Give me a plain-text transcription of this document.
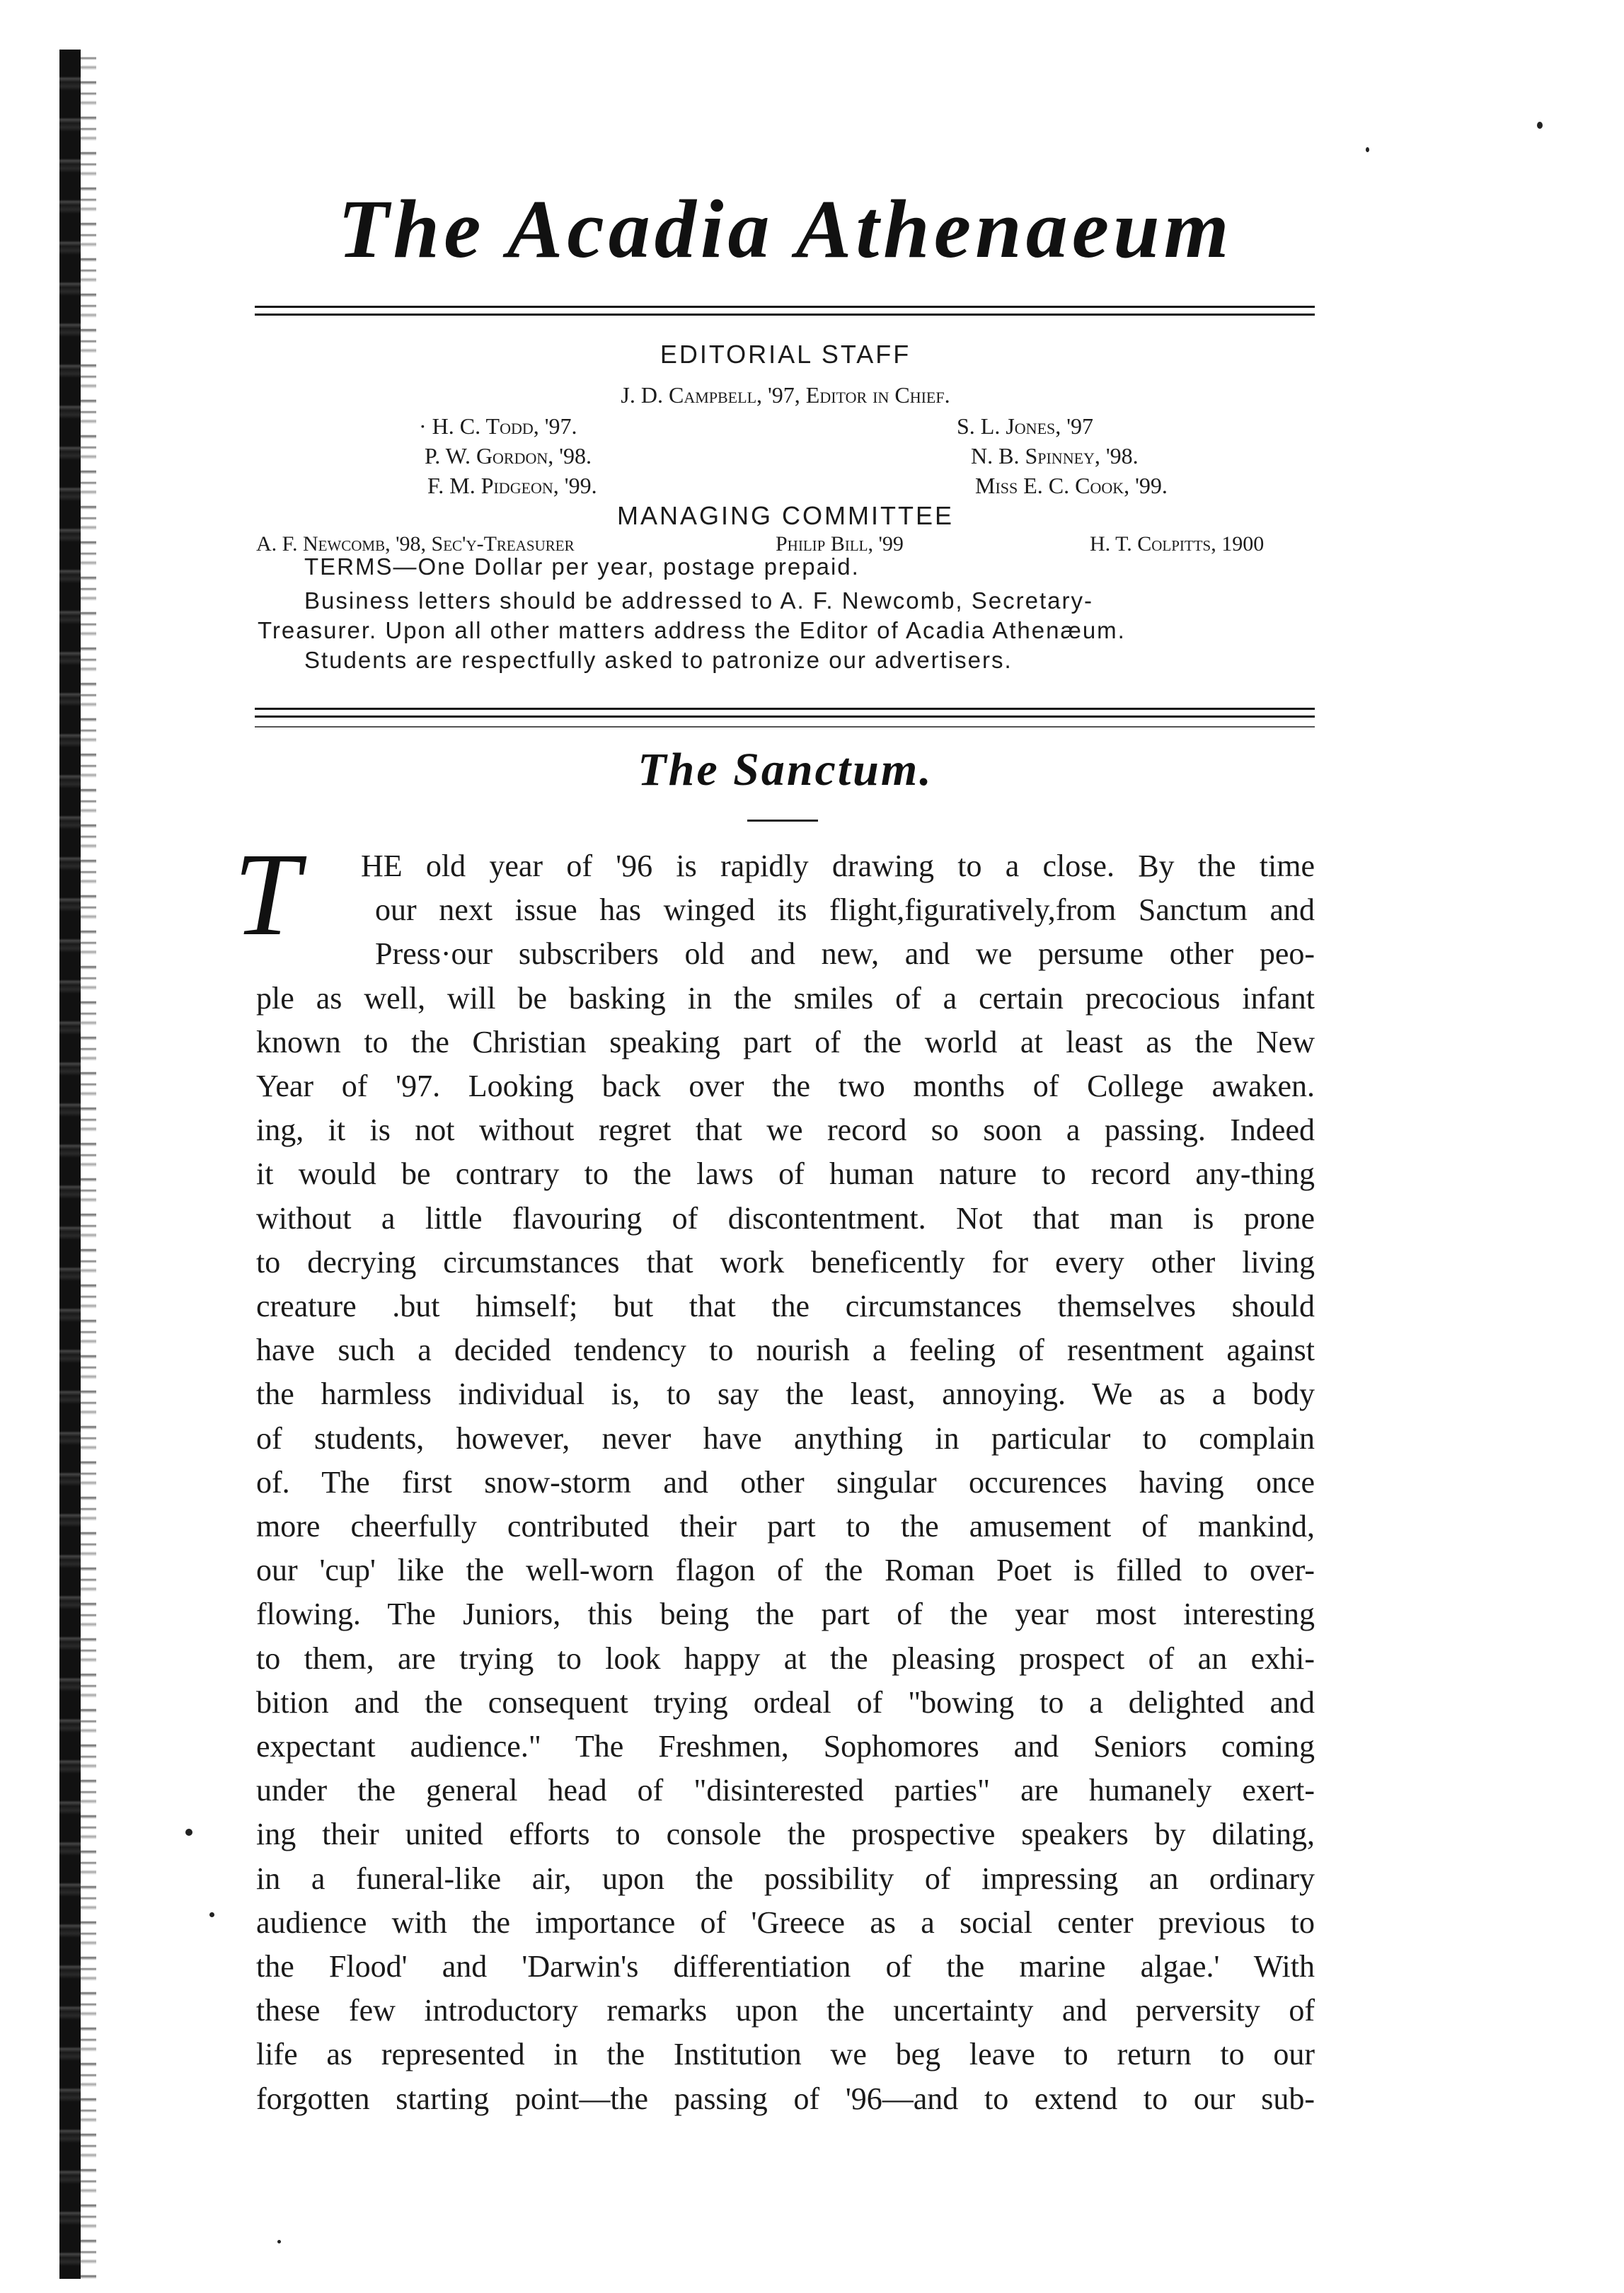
The Acadia Athenaeum
EDITORIAL STAFF
J. D. Campbell, '97, Editor in Chief.
· H. C. Todd, '97.	S. L. Jones, '97
P. W. Gordon, '98.	N. B. Spinney, '98.
F. M. Pidgeon, '99.	Miss E. C. Cook, '99.
MANAGING COMMITTEE
A. F. Newcomb, '98, Sec'y-Treasurer	Philip Bill, '99	H. T. Colpitts, 1900
TERMS—One Dollar per year, postage prepaid.
Business letters should be addressed to A. F. Newcomb, Secretary-
Treasurer. Upon all other matters address the Editor of Acadia Athenæum.
Students are respectfully asked to patronize our advertisers.
The Sanctum.
T	HE old year of '96 is rapidly drawing to a close. By the time
our next issue has winged its flight,figuratively,from Sanctum and
Press·our subscribers old and new, and we persume other peo-
ple as well, will be basking in the smiles of a certain precocious infant
known to the Christian speaking part of the world at least as the New
Year of '97. Looking back over the two months of College awaken.
ing, it is not without regret that we record so soon a passing. Indeed
it would be contrary to the laws of human nature to record any-thing
without a little flavouring of discontentment. Not that man is prone
to decrying circumstances that work beneficently for every other living
creature .but himself; but that the circumstances themselves should
have such a decided tendency to nourish a feeling of resentment against
the harmless individual is, to say the least, annoying. We as a body
of students, however, never have anything in particular to complain
of. The first snow-storm and other singular occurences having once
more cheerfully contributed their part to the amusement of mankind,
our 'cup' like the well-worn flagon of the Roman Poet is filled to over-
flowing. The Juniors, this being the part of the year most interesting
to them, are trying to look happy at the pleasing prospect of an exhi-
bition and the consequent trying ordeal of "bowing to a delighted and
expectant audience." The Freshmen, Sophomores and Seniors coming
under the general head of "disinterested parties" are humanely exert-
ing their united efforts to console the prospective speakers by dilating,
in a funeral-like air, upon the possibility of impressing an ordinary
audience with the importance of 'Greece as a social center previous to
the Flood' and 'Darwin's differentiation of the marine algae.' With
these few introductory remarks upon the uncertainty and perversity of
life as represented in the Institution we beg leave to return to our
forgotten starting point—the passing of '96—and to extend to our sub-
